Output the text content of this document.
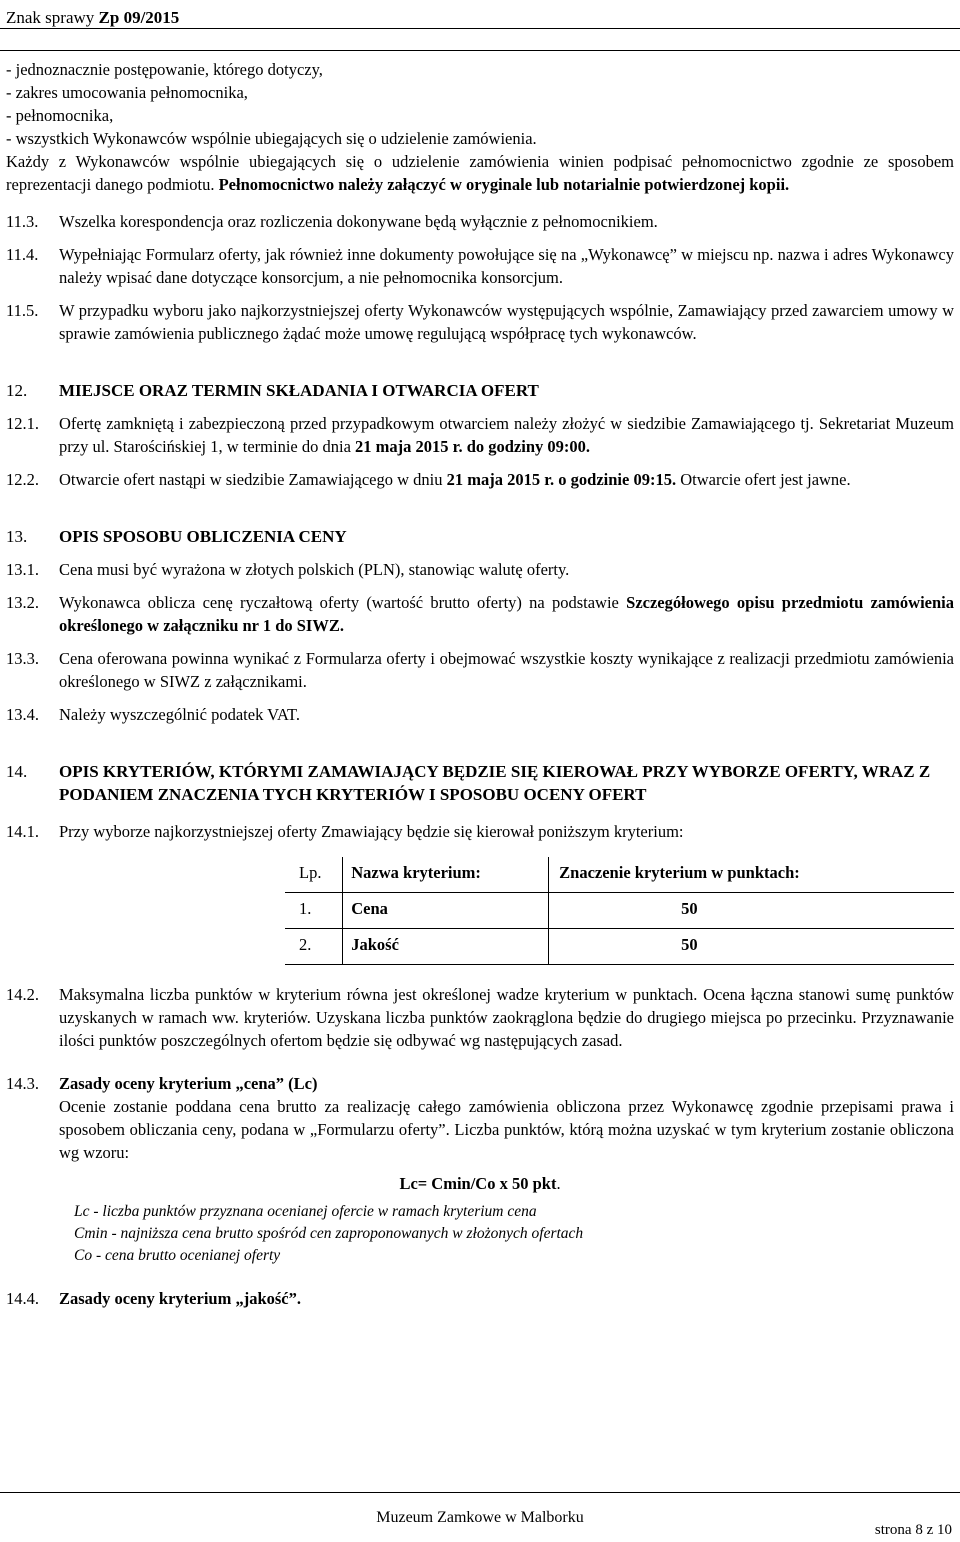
Znak sprawy Zp 09/2015

- jednoznacznie postępowanie, którego dotyczy,

- zakres umocowania pełnomocnika,

- pełnomocnika,

- wszystkich Wykonawców wspólnie ubiegających się o udzielenie zamówienia.

Każdy z Wykonawców wspólnie ubiegających się o udzielenie zamówienia winien podpisać pełnomocnictwo zgodnie ze sposobem reprezentacji danego podmiotu. Pełnomocnictwo należy załączyć w oryginale lub notarialnie potwierdzonej kopii.

11.3.	Wszelka korespondencja oraz rozliczenia dokonywane będą wyłącznie z pełnomocnikiem.
11.4.	Wypełniając Formularz oferty, jak również inne dokumenty powołujące się na „Wykonawcę” w miejscu np. nazwa i adres Wykonawcy należy wpisać dane dotyczące konsorcjum, a nie pełnomocnika konsorcjum.
11.5.	W przypadku wyboru jako najkorzystniejszej oferty Wykonawców występujących wspólnie, Zamawiający przed zawarciem umowy w sprawie zamówienia publicznego żądać może umowę regulującą współpracę tych wykonawców.
12.	MIEJSCE ORAZ TERMIN SKŁADANIA I OTWARCIA OFERT
12.1.	Ofertę zamkniętą i zabezpieczoną przed przypadkowym otwarciem należy złożyć w siedzibie Zamawiającego tj. Sekretariat Muzeum przy ul. Starościńskiej 1, w terminie do dnia 21 maja 2015 r. do godziny 09:00.
12.2.	Otwarcie ofert nastąpi w siedzibie Zamawiającego w dniu 21 maja 2015 r. o godzinie 09:15. Otwarcie ofert jest jawne.
13.	OPIS SPOSOBU OBLICZENIA CENY
13.1.	Cena musi być wyrażona w złotych polskich (PLN), stanowiąc walutę oferty.
13.2.	Wykonawca oblicza cenę ryczałtową oferty (wartość brutto oferty) na podstawie Szczegółowego opisu przedmiotu zamówienia określonego w załączniku nr 1 do SIWZ.
13.3.	Cena oferowana powinna wynikać z Formularza oferty i obejmować wszystkie koszty wynikające z realizacji przedmiotu zamówienia określonego w SIWZ z załącznikami.
13.4.	Należy wyszczególnić podatek VAT.
14.	OPIS KRYTERIÓW, KTÓRYMI ZAMAWIAJĄCY BĘDZIE SIĘ KIEROWAŁ PRZY WYBORZE OFERTY, WRAZ Z PODANIEM ZNACZENIA TYCH KRYTERIÓW I SPOSOBU OCENY OFERT
14.1.	Przy wyborze najkorzystniejszej oferty Zmawiający będzie się kierował poniższym kryterium:
Lp.	Nazwa kryterium:	Znaczenie kryterium w punktach:
1.	Cena	50
2.	Jakość	50
14.2.	Maksymalna liczba punktów w kryterium równa jest określonej wadze kryterium w punktach. Ocena łączna stanowi sumę punktów uzyskanych w ramach ww. kryteriów. Uzyskana liczba punktów zaokrąglona będzie do drugiego miejsca po przecinku. Przyznawanie ilości punktów poszczególnych ofertom będzie się odbywać wg następujących zasad.
14.3.	Zasady oceny kryterium „cena” (Lc)

Ocenie zostanie poddana cena brutto za realizację całego zamówienia obliczona przez Wykonawcę zgodnie przepisami prawa i sposobem obliczania ceny, podana w „Formularzu oferty”. Liczba punktów, którą można uzyskać w tym kryterium zostanie obliczona wg wzoru:

Lc= Cmin/Co x 50 pkt.

Lc - liczba punktów przyznana ocenianej ofercie w ramach kryterium cena

Cmin - najniższa cena brutto spośród cen zaproponowanych w złożonych ofertach

Co - cena brutto ocenianej oferty

14.4.	Zasady oceny kryterium „jakość”.
Muzeum Zamkowe w Malborku
strona 8 z 10
